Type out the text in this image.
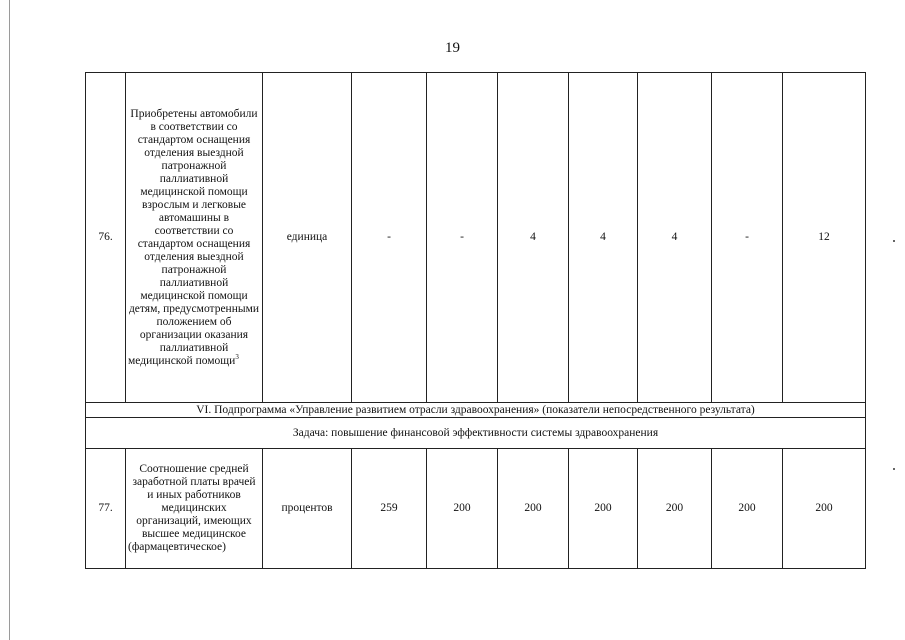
19
76.	Приобретены автомобили в соответствии со стандартом оснащения отделения выездной патронажной паллиативной медицинской помощи взрослым и легковые автомашины в соответствии со стандартом оснащения отделения выездной патронажной паллиативной медицинской помощи детям, предусмотренными положением об организации оказания паллиативной медицинской помощи$^3$	единица	-	-	4	4	4	-	12
VI. Подпрограмма «Управление развитием отрасли здравоохранения» (показатели непосредственного результата)									
Задача: повышение финансовой эффективности системы здравоохранения									
77.	Соотношение средней заработной платы врачей и иных работников медицинских организаций, имеющих высшее медицинское (фармацевтическое)	процентов	259	200	200	200	200	200	200
